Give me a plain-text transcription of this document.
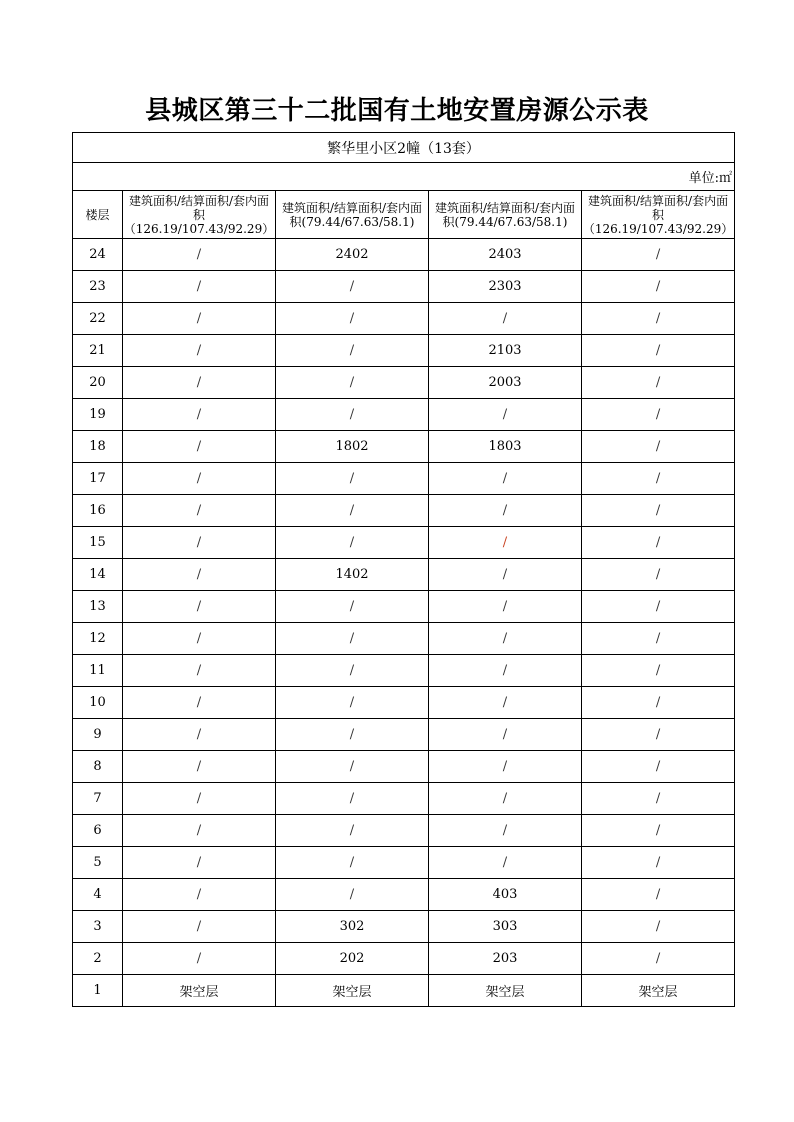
县城区第三十二批国有土地安置房源公示表
繁华里小区2幢（13套）				
单位:㎡				
楼层	建筑面积/结算面积/套内面积（126.19/107.43/92.29）	建筑面积/结算面积/套内面积(79.44/67.63/58.1)	建筑面积/结算面积/套内面积(79.44/67.63/58.1)	建筑面积/结算面积/套内面积（126.19/107.43/92.29）
24	/	2402	2403	/
23	/	/	2303	/
22	/	/	/	/
21	/	/	2103	/
20	/	/	2003	/
19	/	/	/	/
18	/	1802	1803	/
17	/	/	/	/
16	/	/	/	/
15	/	/	/	/
14	/	1402	/	/
13	/	/	/	/
12	/	/	/	/
11	/	/	/	/
10	/	/	/	/
9	/	/	/	/
8	/	/	/	/
7	/	/	/	/
6	/	/	/	/
5	/	/	/	/
4	/	/	403	/
3	/	302	303	/
2	/	202	203	/
1	架空层	架空层	架空层	架空层
